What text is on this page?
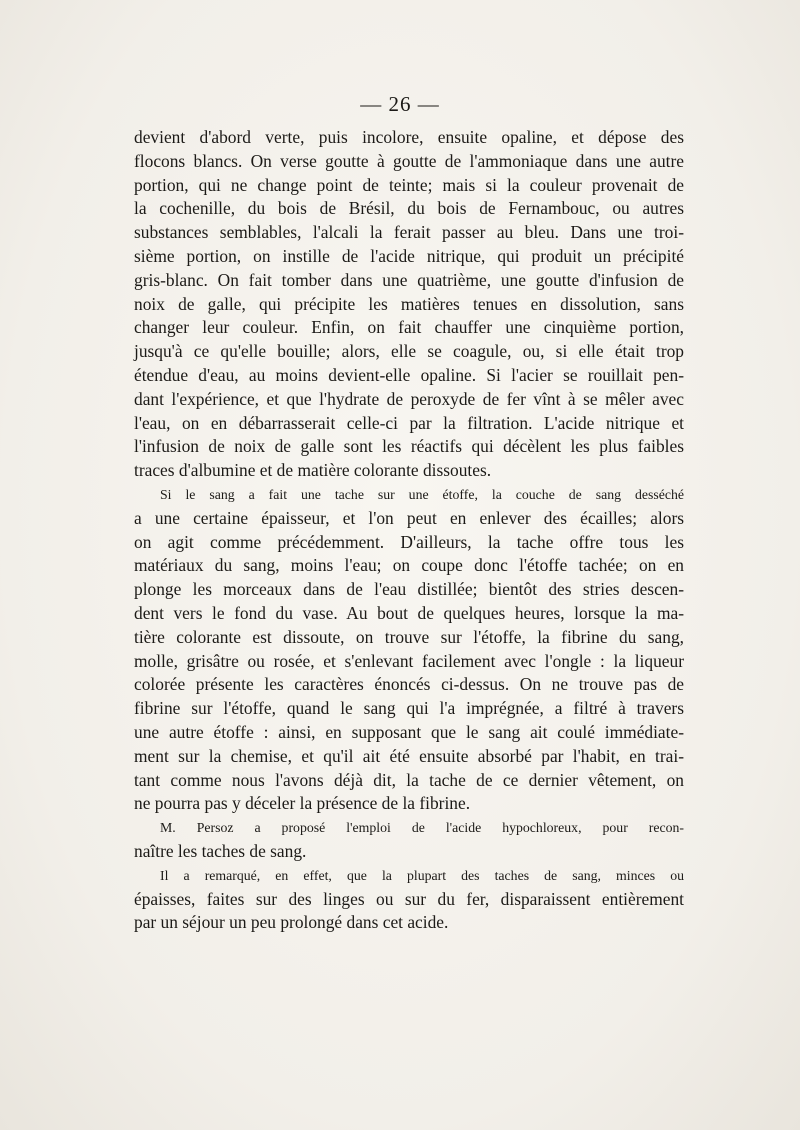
— 26 —
devient d'abord verte, puis incolore, ensuite opaline, et dépose des
flocons blancs. On verse goutte à goutte de l'ammoniaque dans une autre
portion, qui ne change point de teinte; mais si la couleur provenait de
la cochenille, du bois de Brésil, du bois de Fernambouc, ou autres
substances semblables, l'alcali la ferait passer au bleu. Dans une troi-
sième portion, on instille de l'acide nitrique, qui produit un précipité
gris-blanc. On fait tomber dans une quatrième, une goutte d'infusion de
noix de galle, qui précipite les matières tenues en dissolution, sans
changer leur couleur. Enfin, on fait chauffer une cinquième portion,
jusqu'à ce qu'elle bouille; alors, elle se coagule, ou, si elle était trop
étendue d'eau, au moins devient-elle opaline. Si l'acier se rouillait pen-
dant l'expérience, et que l'hydrate de peroxyde de fer vînt à se mêler avec
l'eau, on en débarrasserait celle-ci par la filtration. L'acide nitrique et
l'infusion de noix de galle sont les réactifs qui décèlent les plus faibles
traces d'albumine et de matière colorante dissoutes.
Si le sang a fait une tache sur une étoffe, la couche de sang desséché
a une certaine épaisseur, et l'on peut en enlever des écailles; alors
on agit comme précédemment. D'ailleurs, la tache offre tous les
matériaux du sang, moins l'eau; on coupe donc l'étoffe tachée; on en
plonge les morceaux dans de l'eau distillée; bientôt des stries descen-
dent vers le fond du vase. Au bout de quelques heures, lorsque la ma-
tière colorante est dissoute, on trouve sur l'étoffe, la fibrine du sang,
molle, grisâtre ou rosée, et s'enlevant facilement avec l'ongle : la liqueur
colorée présente les caractères énoncés ci-dessus. On ne trouve pas de
fibrine sur l'étoffe, quand le sang qui l'a imprégnée, a filtré à travers
une autre étoffe : ainsi, en supposant que le sang ait coulé immédiate-
ment sur la chemise, et qu'il ait été ensuite absorbé par l'habit, en trai-
tant comme nous l'avons déjà dit, la tache de ce dernier vêtement, on
ne pourra pas y déceler la présence de la fibrine.
M. Persoz a proposé l'emploi de l'acide hypochloreux, pour recon-
naître les taches de sang.
Il a remarqué, en effet, que la plupart des taches de sang, minces ou
épaisses, faites sur des linges ou sur du fer, disparaissent entièrement
par un séjour un peu prolongé dans cet acide.
